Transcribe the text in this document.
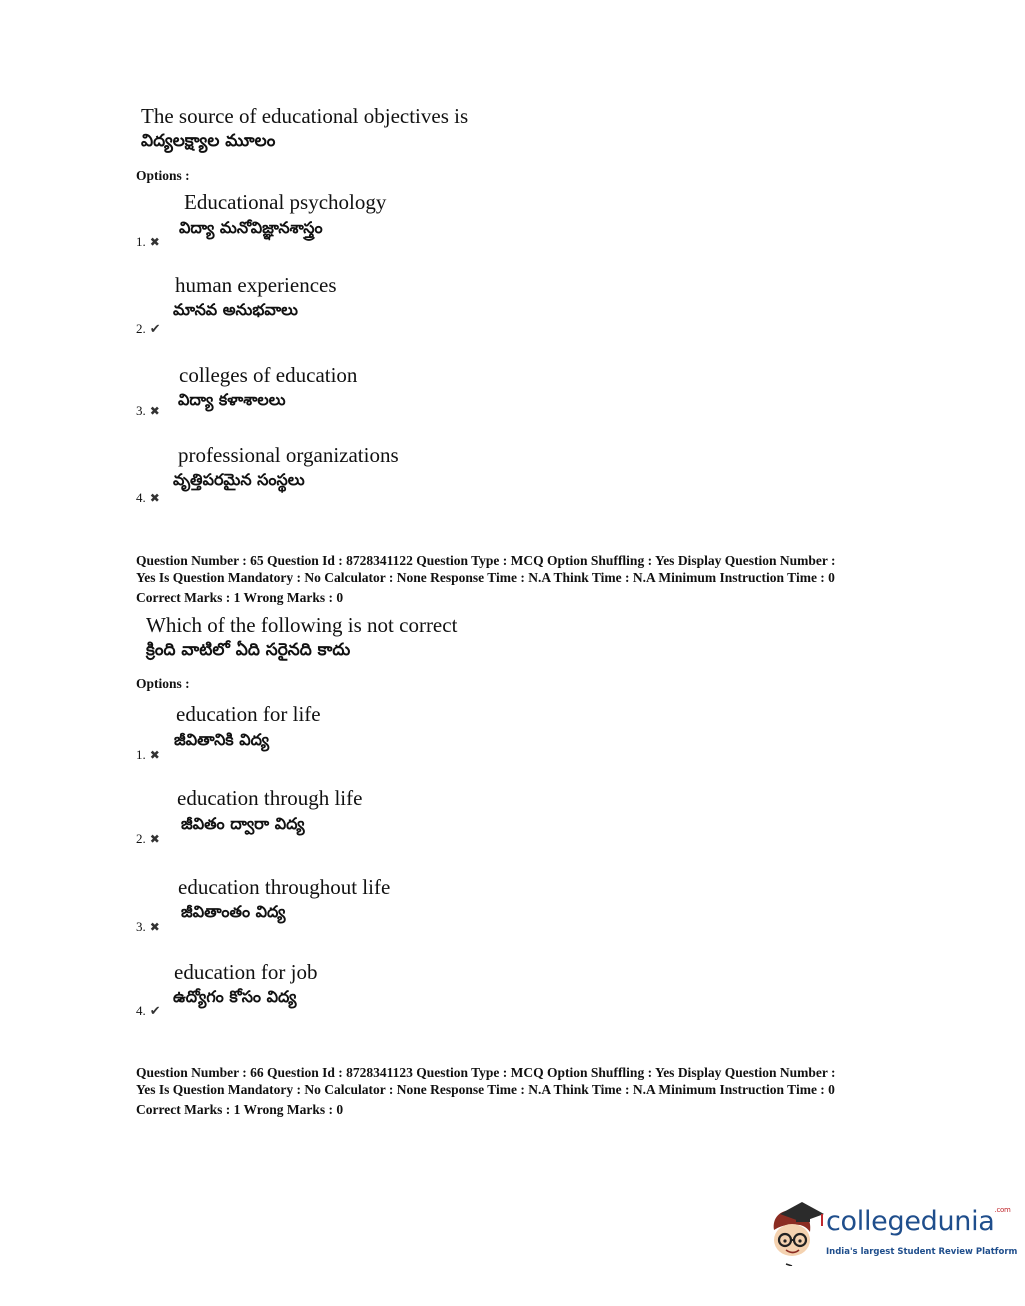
The source of educational objectives is
విద్యలక్ష్యాల మూలం
Options :
Educational psychology
విద్యా మనోవిజ్ఞానశాస్త్రం
1. ✖
human experiences
మానవ అనుభవాలు
2. ✔
colleges of education
విద్యా కళాశాలలు
3. ✖
professional organizations
వృత్తిపరమైన సంస్థలు
4. ✖
Question Number : 65 Question Id : 8728341122 Question Type : MCQ Option Shuffling : Yes Display Question Number :
Yes Is Question Mandatory : No Calculator : None Response Time : N.A Think Time : N.A Minimum Instruction Time : 0
Correct Marks : 1 Wrong Marks : 0
Which of the following is not correct
క్రింది వాటిలో ఏది సరైనది కాదు
Options :
education for life
జీవితానికి విద్య
1. ✖
education through life
జీవితం ద్వారా విద్య
2. ✖
education throughout life
జీవితాంతం విద్య
3. ✖
education for job
ఉద్యోగం కోసం విద్య
4. ✔
Question Number : 66 Question Id : 8728341123 Question Type : MCQ Option Shuffling : Yes Display Question Number :
Yes Is Question Mandatory : No Calculator : None Response Time : N.A Think Time : N.A Minimum Instruction Time : 0
Correct Marks : 1 Wrong Marks : 0
collegedunia$^{.com}$
India's largest Student Review Platform
